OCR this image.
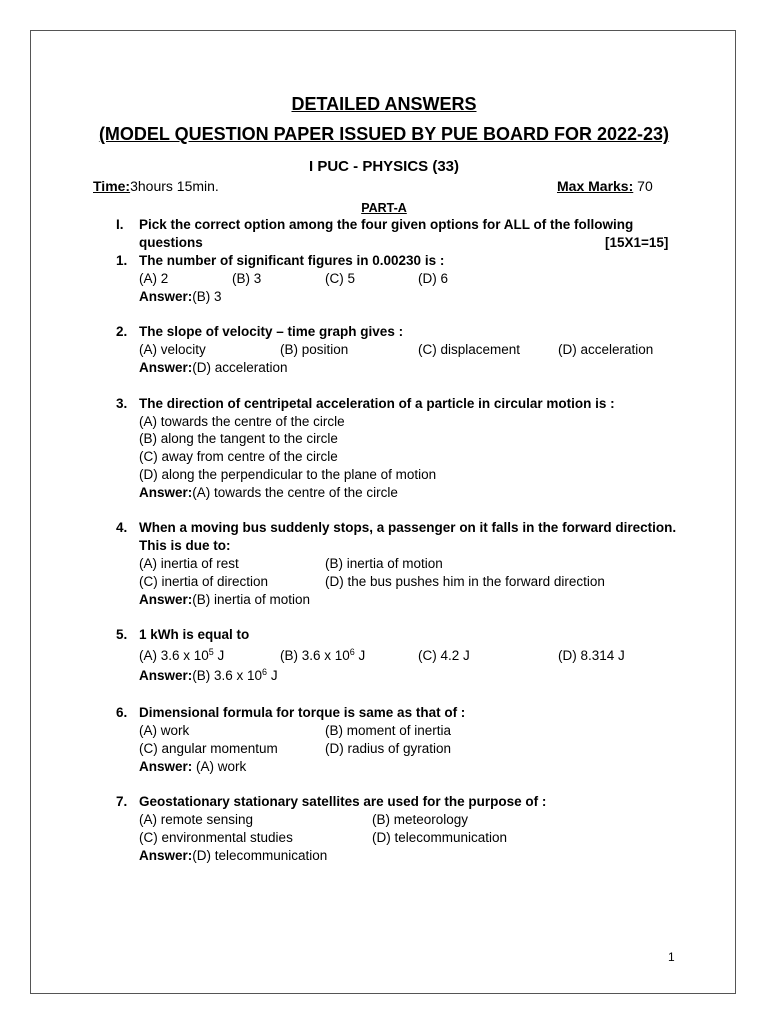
DETAILED ANSWERS
(MODEL QUESTION PAPER ISSUED BY PUE BOARD FOR 2022-23)
I PUC - PHYSICS (33)
Time:3hours 15min.	Max Marks: 70
PART-A
I. Pick the correct option among the four given options for ALL of the following
questions	[15X1=15]
1. The number of significant figures in 0.00230 is :
(A) 2	(B) 3	(C) 5	(D) 6
Answer:(B) 3
2. The slope of velocity – time graph gives :
(A) velocity	(B) position	(C) displacement	(D) acceleration
Answer:(D) acceleration
3. The direction of centripetal acceleration of a particle in circular motion is :
(A) towards the centre of the circle
(B) along the tangent to the circle
(C) away from centre of the circle
(D) along the perpendicular to the plane of motion
Answer:(A) towards the centre of the circle
4. When a moving bus suddenly stops, a passenger on it falls in the forward direction.
This is due to:
(A) inertia of rest	(B) inertia of motion
(C) inertia of direction	(D) the bus pushes him in the forward direction
Answer:(B) inertia of motion
5. 1 kWh is equal to
(A) 3.6 x $10^5$ J	(B) 3.6 x $10^6$ J	(C) 4.2 J	(D) 8.314 J
Answer:(B) 3.6 x $10^6$ J
6. Dimensional formula for torque is same as that of :
(A) work	(B) moment of inertia
(C) angular momentum	(D) radius of gyration
Answer: (A) work
7. Geostationary stationary satellites are used for the purpose of :
(A) remote sensing	(B) meteorology
(C) environmental studies	(D) telecommunication
Answer:(D) telecommunication
1
